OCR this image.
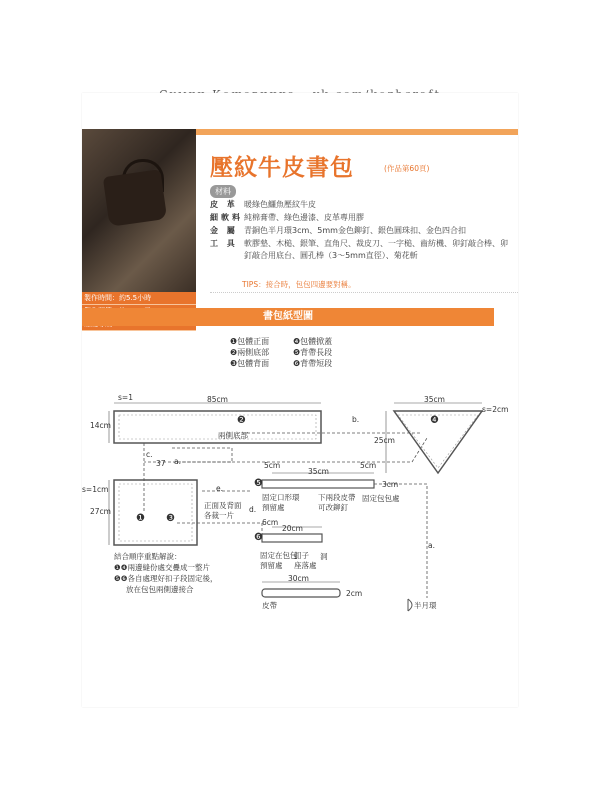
製作時間：約5.5小時
壓紋牛皮書包	(作品第60頁)
材料
皮 革 暖綠色鱷魚壓紋牛皮
細軟料 純棉膏帶、綠色邊漆、皮革專用膠
金 屬 青銅色半月環3cm、5mm金色鉚釘、銀色圓珠扣、金色四合扣
工 具 軟膠墊、木槌、銀筆、直角尺、裁皮刀、一字槌、齒紡機、卯釘敲合棒、卯釘敲合用底台、圓孔棒（3～5mm直徑）、菊花斬
TIPS：接合時，包包四邊要對稱。
書包紙型圖
❶包體正面
❷兩側底部
❸包體背面
❹包體掀蓋
❺背帶長段
❻背帶短段
s=1	85cm
14cm	❷
兩側底部
c.
37 a.
b.
35cm
s=2cm
❹
25cm
s=1cm
27cm
❶ ❸
e.
d.
正面及背面
各裁一片
5cm
35cm
5cm
❺	3cm
固定口形環
預留處
下兩段皮帶
可改鉚釘
固定包包處
6cm
20cm
❻
固定在包包
預留處
釦子
座落處
洞
30cm
皮帶
2cm
a.
半月環
結合順序重點解說：
❶❹兩邊縫份處交疊成一整片
❺❻各自處理好扣子段固定後，
放在包包兩側邊接合
